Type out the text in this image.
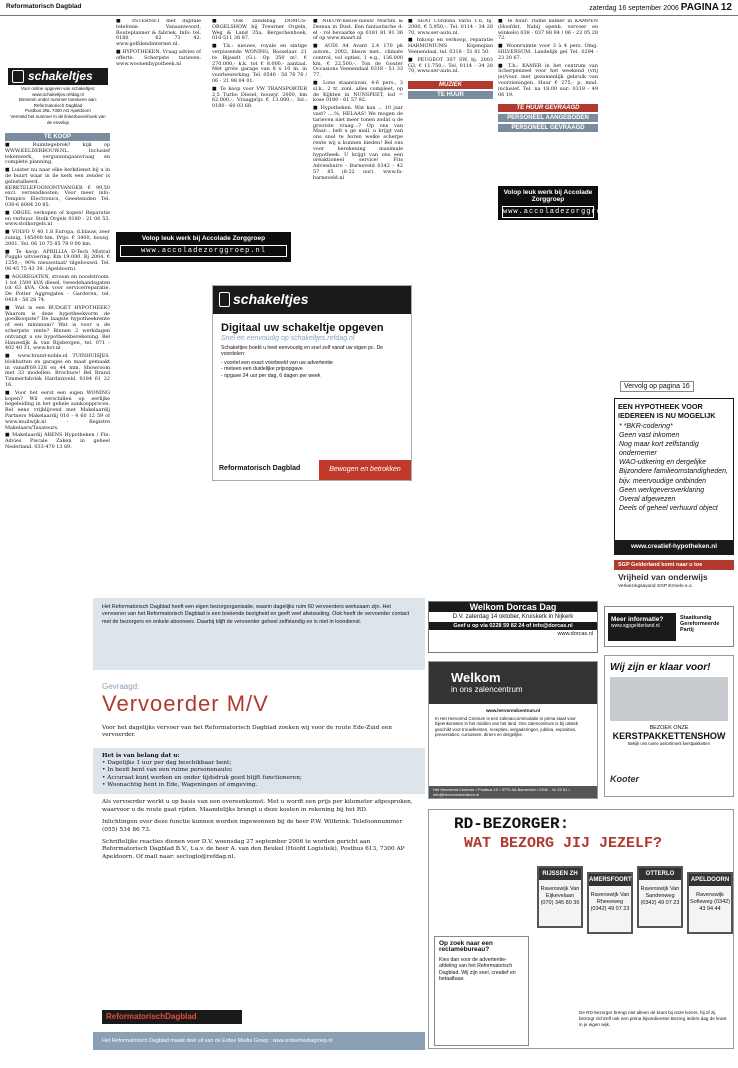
Reformatorisch Dagblad	zaterdag 16 september 2006 PAGINA 12
TE KOOP

■ Ruimtegebrek? kijk op WWW.KELDERBOUW.NL. Inclusief tekenwerk, vergunningaanvraag en complete planning.

■ Luister nu naar elke kerkdienst bij u in de buurt waar in de kerk een zender is geïnstalleerd. KERKTELEFOONONTVANGER € 99,50 excl. verzendkosten. Voor meer info: Tempiro Electronics, Geesteniden Tel. 030-6 8084 20 85.

■ OBGEL verkopen of kopen! Reparatie en verhuur. Stolk Orgels 0180 - 21 06 53. www.stolkorgels.nl

■ VOLVO V 40 1.8 Europa, d.blauw, zeer zuinig, 145000 km. Prijs: € 3400, bouwj. 2001. Tel. 06 10 75 85 79 9 00 km.

■ Te koop: APRILLIA D-Tech Mistral Pugglo uitvoering. Km 19.000. Bj 2004. € 1250,-, 90% nieuwstaat/ tilgebouwd. Tel. 06-45 75 43 39. (Apeldoorn).

■ AGGREGATEN, stroom en noodstroom. 1 tot 1500 kVA diesel, tweedehandsgaten tot 63 kVA. Ook voor service/reparatie. De Potter Aggregates - Garderen, tel. 0418 - 56 28 74.

■ Wat is een BUDGET HYPOTHEEK? Waarom is deze hypotheekvorm de goedkoopste? De laagste hypotheekrente of een minimum? Wat is voor u de scherpste rente? Binnen 2 werkdagen ontvangt u uw hypotheekberekening. Bel Hanzedijk & van Rijsbergen, tel. 071 - 402 40 31, www.hvr.nl

■ www.brand-noble.nl TUINHUISJES, blokhutten en garages en maat gemaakt in vanaf€69.128 en 44 mm. Showroom met 33 modellen. Brochure! Bel Brand Timmerfabriek Hardinxveld. 0184 61 22 16.

■ Voor het eerst een eigen WONING kopen? Wil verschillen op eerlijke begeleiding in het gehele aankoopproces. Bel eens vrijblijvend met Makelaardij Partners Makelaardij 010 - 4 60 12 59 of www.muilwijk.nl - Registre Makelaars/Taxateurs.

■ Makelaardij ARENS Hypotheken / Fin. Advies Piscale Zaken in geheel Nederland. 033-470 13 89.

schakeltjes
Voor online opgeven van schakeltjes:
www.schakeltjes.refdag.nl
Binnenin onder nummer toesturen aan:
Reformatorisch Dagblad
Postbus 2NL 7300 AG Apeldoorn
Vermeld het nummer in de linkerbovenhoek van de envelop

■ INTERNET met digitale telefonie. Vanaanwoord, Routeplanner & fabriek. Info: tel. 0180 - 62 73 42. www.golfdendinternet.nl.

■ HYPOTHEKEN. Vraag advies of offerte. Scherpste tarieven. www.woonenhypotheek.nl

■ Ook zandsbag DOMUS-ORGELSHOW bij Treurner Orgeln, Weg & Land 35a, Bergschenhoek, 010-511 38 87.

■ T.k.: nieuwe, royale en sintige verpissende WONING, Bosselaar. 21 te Bijsselt (G.). Op 350 m². € 270.000,- k.k. tot € 8.000.- aantaal. Met grote garage van 8 x 10 m. in voorbewerking. Tel. 0546 - 56 76 76 / 06 - 21 98 04 01.

■ Te koop voor VW TRANSPORTER 2,5 Turbo Diesel, bouwjr. 2000, km 62.000,-, Vraagprijs € 13.000,-, Inl.: 0180 - 60 03 68.

■ NIEUW-nieuw-nieuw Martini & Demux in Dust. Een fantastische d-el - rol bevaarke op 0181 81 91 36 of op www.maart.nl

■ AUDI A4 Avant 2.4 170 pk autom., 2002, blauw met., climate control, vol opties, 1 e.g., 136.000 km, € 22.500,-. Ton de Gouter Occasions Veenendaal 0318 - 51 33 77.

■ Lone staanravan, 4-6 pers., 3 sl.k., 2 tr, zonl. alles compleet, op de Kijkten in NUNSPEET, lsd = kose 0180 - 61 57 92.

■ Hypotheken. Wat kan ... 10 jaar vast? ....%, HELAAS! We mogen de tarieven niet meer tonen zodat u de grootste vraag...? Op ons van Maar... belt u ge mail, u krijgt van ons snel te horen welke scherpe rente wij u kunnen bieden! Bel ons voor berekening maximale hypotheek. U krijgt van ons een oreaktioneel service! Fits Adviesbuiro - Barneveld 0342 - 42 57 85 (8-22 uur). www.fa-barneveld.nl

■ SEAT Cordoba Vario 1.6, bj. 2000, € 5.950,-. Tel. 0114 - 34 28 70, www.ser-auto.nl.

■ Inkoop en verkoop, reparatie HARMONIUMS Kopmejian Veenendaal, tel. 0318 - 51 81 50.

■ PEUGEOT 307 SW, bj. 2003 G3, € 11.750,-. Tel. 0114 - 34 28 70, www.ser-auto.nl.

MUZIEK
TE HUUR

■ Te huur: ruime kamer in KAMPEN (Hoofdst. Nabij openb. vervoer en winkels) 038 - 037 88 84 / 06 - 23 05 28 72.

■ Woonruimte voor 3 à 4 pers. Omg. HILVERSUM. Landelijk gel Tel. 0294 - 23 20 67.

■ T.h.: KAMER in het centrum van Scherpenzeel voor het weekend (vrij je)/voor, met gezamenlijk gebruik van voorzieningen. Huur € 275,- p. mnd. inclusief. Tel. na 18.00 uur: 0318 - 49 06 19.

TE HUUR GEVRAAGD
PERSONEEL AANGEBODEN
PERSONEEL GEVRAAGD
Volop leuk werk bij Accolade Zorggroep
www.accoladezorggroep.nl
Volop leuk werk bij Accolade Zorggroep
www.accoladezorggroep.nl
schakeltjes
Digitaal uw schakeltje opgeven
Snel en eenvoudig op schakeltjes.refdag.nl
Schakeltjes boekt u heel eenvoudig en snel zelf vanaf uw eigen pc. De voordelen:
- voortel een exact voorbeeld van uw advertentie
- meteen een duidelijke prijsopgave
- opgave 24 uur per dag, 6 dagen per week
Reformatorisch Dagblad	Bewogen en betrokken
Vervolg op pagina 16
EEN HYPOTHEEK VOOR IEDEREEN IS NU MOGELIJK
* *BKR-codering*
Geen vast inkomen
Nog maar kort zelfstandig
ondernemer
WAO-uitkering en dergelijke
Bijzondere familieomstandigheden,
bijv. meervoudige ontbinden
Geen werkgeversverklaring
Overal afgewezen
Deels of geheel verhuurd object
www.creatief-hypotheken.nl
SGP Gelderland komt naar u toe
Vrijheid van onderwijs
Verkiezingsavond SGP Ermelo e.o.
Het Reformatorisch Dagblad heeft een eigen bezorgorganisatie, waarin dagelijks ruim 60 vervoerders werkzaam zijn. Het vervoeren van het Reformatorisch Dagblad is een boeiende bezigheid en geeft veel afwisseling. Ook heeft de vervoerder contact met de bezorgers en enkele abonnees. Daarbij blijft de vervoerder geheel zelfstandig en is niet in loondienst.
Gevraagd:
Vervoerder M/V
Voor het dagelijks vervoer van het Reformatorisch Dagblad zoeken wij voor de route Ede-Zuid een vervoerder.
Het is van belang dat u:
• Dagelijks 1 uur per dag beschikbaar bent;
• In bezit bent van een ruime personenauto;
• Accuraat kunt werken en onder tijdsdruk goed blijft functioneren;
• Woonachtig bent in Ede, Wageningen of omgeving.
Als vervoerder werkt u op basis van een overeenkomst. Met u wordt een prijs per kilometer afgesproken, waarvoor u de route gaat rijden. Maandelijks brengt u deze kosten in rekening bij het RD.
Inlichtingen over deze functie kunnen worden ingewonnen bij de heer P.W. Wilbrink. Telefoonnummer (055) 534 86 73.
Schriftelijke reacties dienen voor D.V. woensdag 27 september 2006 te worden gericht aan Reformatorisch Dagblad B.V., t.a.v. de heer A. van den Beukel (Hoofd Logistiek), Postbus 613, 7300 AP Apeldoorn. Of mail naar: sectoglo@refdag.nl.
ReformatorischDagblad
Het Reformatorisch Dagblad maakt deel uit van de Erdee Media Groep : www.erdeemediagroep.nl
Welkom Dorcas Dag
D.V. zaterdag 14 oktober, Kruiskerk in Nijkerk
Geef u op via 0228 59 82 24 of info@dorcas.nl
www.dorcas.nl
Meer informatie?
www.sgpgelderland.nl
Staatkundig Gereformeerde Partij
Welkom
in ons zalencentrum
www.hervormdcentrum.nl
In Het Hervormd Centrum is een zalenaccommodatie in prima staat voor bijeenkomsten in het midden van het land. Ons zalencentrum is bij uitstek geschikt voor trouwfeesten, recepties, vergaderingen, jubilea, exposities, presentaties, cursussen, diners en dergelijke.
Het Hervormd Centrum • Postbus 10 • 3770 AA Barneveld • 0342 - 41 25 51 • info@hervormdcentrum.nl
Wij zijn er klaar voor!
BEZOEK ONZE
KERSTPAKKETTENSHOW
Bekijk ons ruime assortiment kerstpakketten
Kooter
RD-BEZORGER:
WAT BEZORG JIJ JEZELF?
RIJSSEN ZH
Ravenswijk Van Eijkevelaan (070) 345 80 36
AMERSFOORT
Ravenswijk Van Rheeeweg (0342) 49 07 23
OTTERLO
Ravenswijk Van Sandenweg (0342) 49 07 23
APELDOORN
Ravenswijk Sofieweg (0342) 43 94 44
Op zoek naar een reclamebureau?
Kies dan voor de advertentie-afdeling van het Reformatorisch Dagblad. Wij zijn snel, creatief en betaalbaar.
De RD-bezorger brengt niet alleen de krant bij onze lezers, hij of zij bezorgt zichzelf ook een prima bijverdienste! Bezorg iedere dag de krant in je eigen wijk.
